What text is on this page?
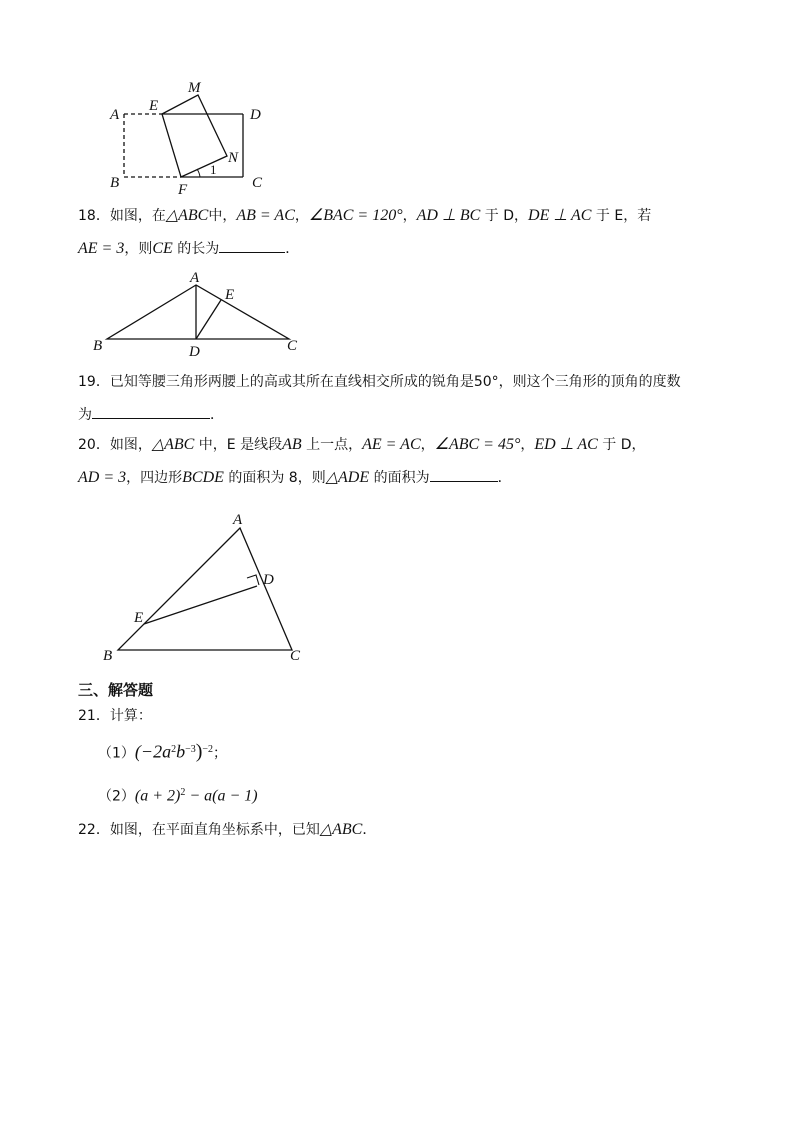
A
B	C
D
E
F
M
N
1
18．如图，在△ABC中，AB = AC，∠BAC = 120°，AD ⊥ BC 于 D，DE ⊥ AC 于 E，若
AE = 3，则CE 的长为	．
A
B	C
D
E
19．已知等腰三角形两腰上的高或其所在直线相交所成的锐角是50°，则这个三角形的顶角的度数
为	．
20．如图，△ABC 中，E 是线段AB 上一点，AE = AC，∠ABC = 45°，ED ⊥ AC 于 D，
AD = 3，四边形BCDE 的面积为 8，则△ADE 的面积为	．
A
B	C
D
E
三、解答题
21．计算：
$(1)(-2a^2b^{-3})^{-2}$；
$(2)(a + 2)^2 - a(a - 1)$
22．如图，在平面直角坐标系中，已知△ABC．
